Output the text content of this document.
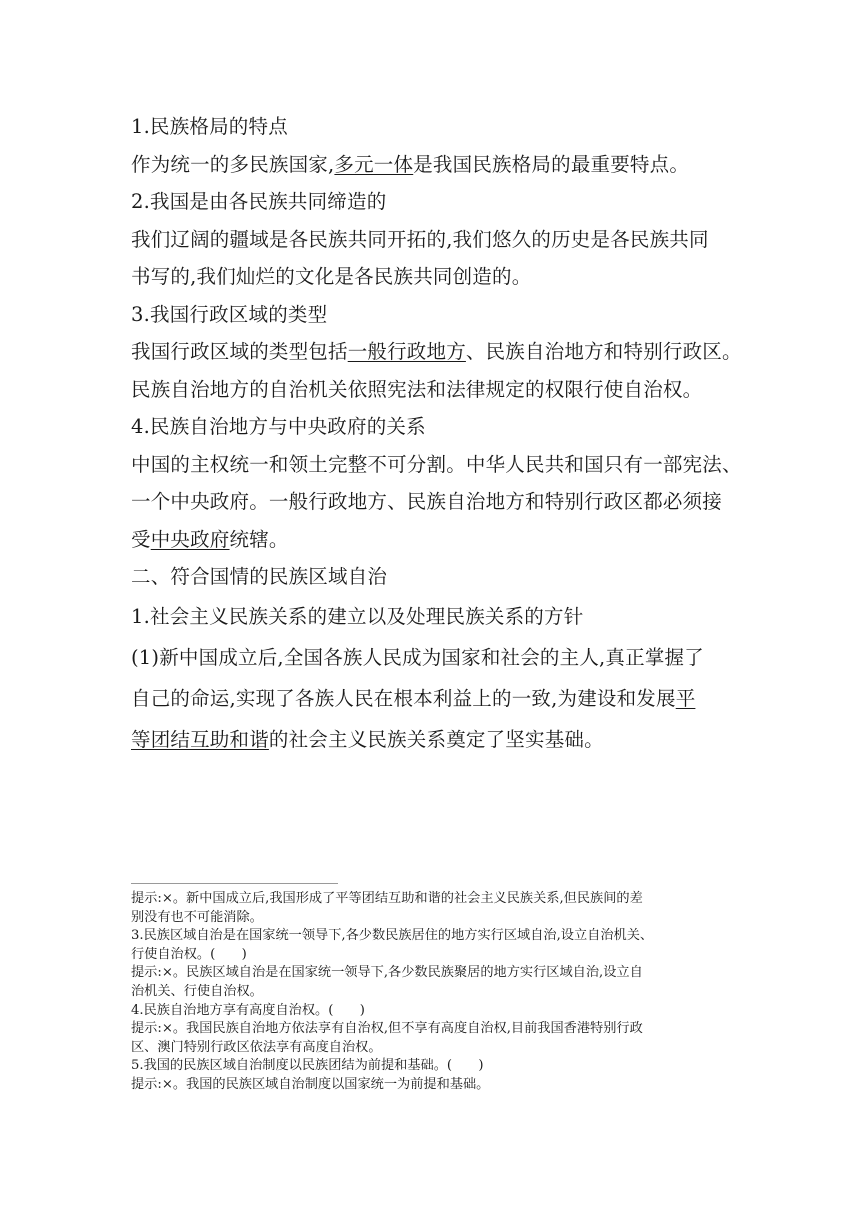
1.民族格局的特点
作为统一的多民族国家,多元一体是我国民族格局的最重要特点。
2.我国是由各民族共同缔造的
我们辽阔的疆域是各民族共同开拓的,我们悠久的历史是各民族共同
书写的,我们灿烂的文化是各民族共同创造的。
3.我国行政区域的类型
我国行政区域的类型包括一般行政地方、民族自治地方和特别行政区。
民族自治地方的自治机关依照宪法和法律规定的权限行使自治权。
4.民族自治地方与中央政府的关系
中国的主权统一和领土完整不可分割。中华人民共和国只有一部宪法、
一个中央政府。一般行政地方、民族自治地方和特别行政区都必须接
受中央政府统辖。
二、符合国情的民族区域自治
1.社会主义民族关系的建立以及处理民族关系的方针
(1)新中国成立后,全国各族人民成为国家和社会的主人,真正掌握了
自己的命运,实现了各族人民在根本利益上的一致,为建设和发展平
等团结互助和谐的社会主义民族关系奠定了坚实基础。
提示:×。新中国成立后,我国形成了平等团结互助和谐的社会主义民族关系,但民族间的差
别没有也不可能消除。
3.民族区域自治是在国家统一领导下,各少数民族居住的地方实行区域自治,设立自治机关、
行使自治权。(　　)
提示:×。民族区域自治是在国家统一领导下,各少数民族聚居的地方实行区域自治,设立自
治机关、行使自治权。
4.民族自治地方享有高度自治权。(　　)
提示:×。我国民族自治地方依法享有自治权,但不享有高度自治权,目前我国香港特别行政
区、澳门特别行政区依法享有高度自治权。
5.我国的民族区域自治制度以民族团结为前提和基础。(　　)
提示:×。我国的民族区域自治制度以国家统一为前提和基础。
